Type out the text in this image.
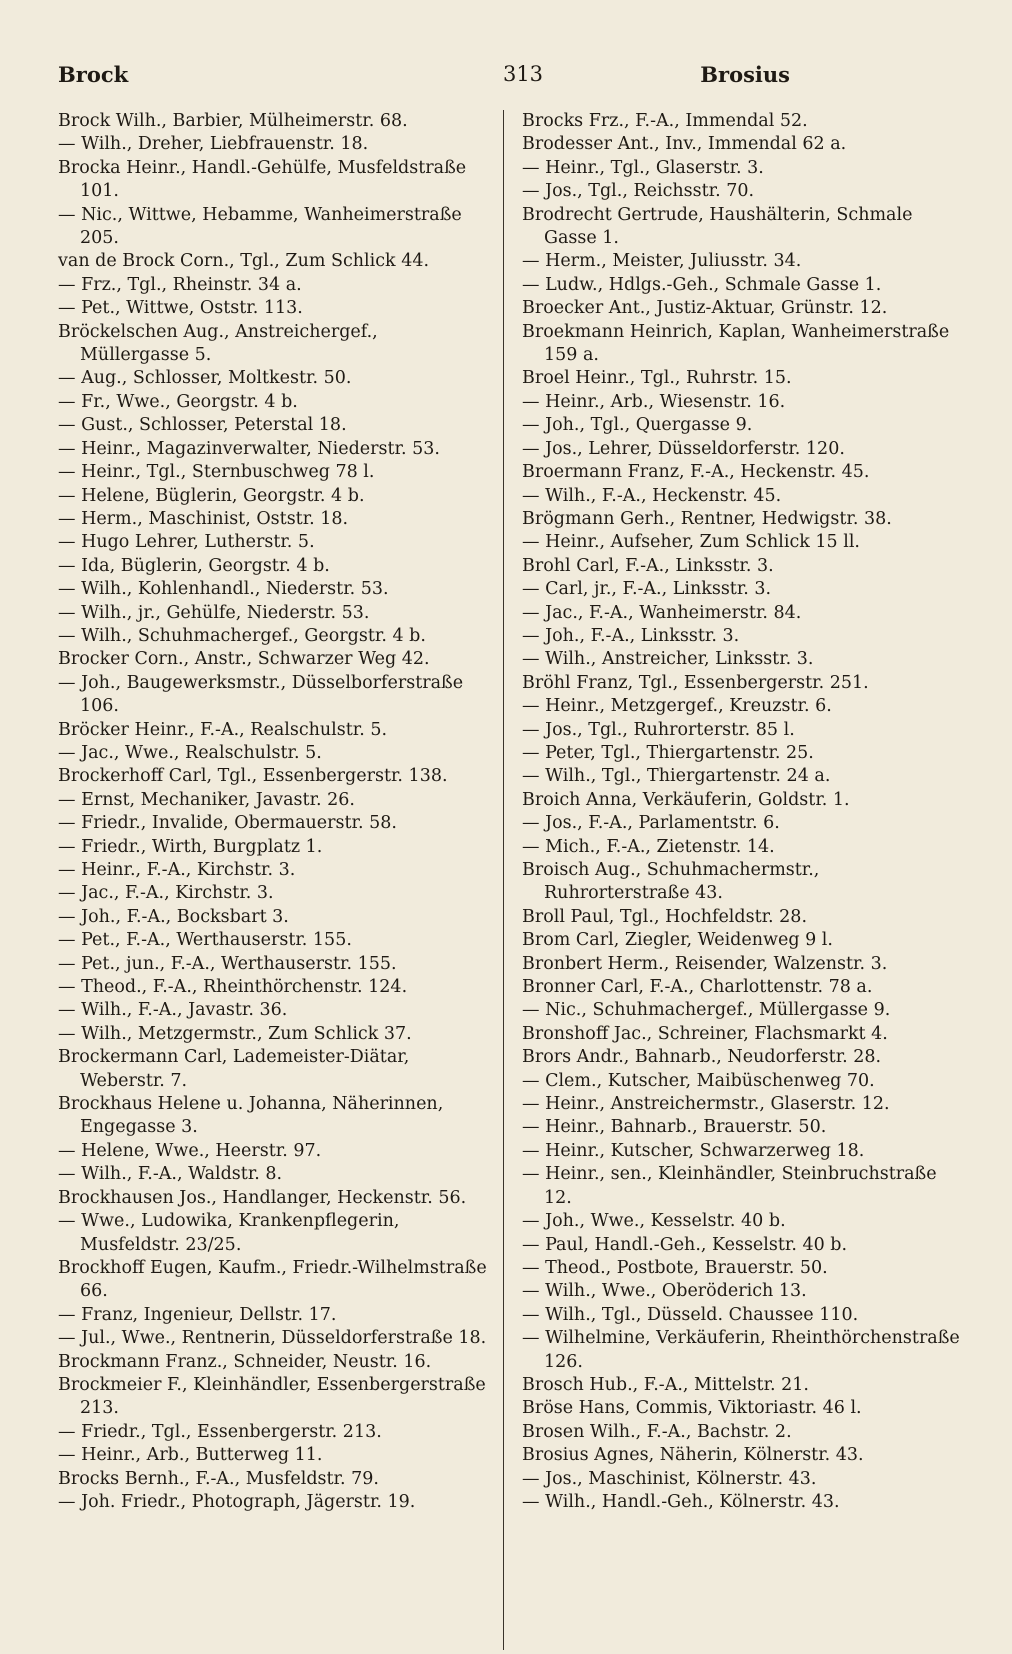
Brock	313	Brosius
Brock Wilh., Barbier, Mülheimerstr. 68.
— Wilh., Dreher, Liebfrauenstr. 18.
Brocka Heinr., Handl.-Gehülfe, Musfeldstraße 101.
— Nic., Wittwe, Hebamme, Wanheimerstraße 205.
van de Brock Corn., Tgl., Zum Schlick 44.
— Frz., Tgl., Rheinstr. 34 a.
— Pet., Wittwe, Oststr. 113.
Bröckelschen Aug., Anstreichergef., Müllergasse 5.
— Aug., Schlosser, Moltkestr. 50.
— Fr., Wwe., Georgstr. 4 b.
— Gust., Schlosser, Peterstal 18.
— Heinr., Magazinverwalter, Niederstr. 53.
— Heinr., Tgl., Sternbuschweg 78 l.
— Helene, Büglerin, Georgstr. 4 b.
— Herm., Maschinist, Oststr. 18.
— Hugo Lehrer, Lutherstr. 5.
— Ida, Büglerin, Georgstr. 4 b.
— Wilh., Kohlenhandl., Niederstr. 53.
— Wilh., jr., Gehülfe, Niederstr. 53.
— Wilh., Schuhmachergef., Georgstr. 4 b.
Brocker Corn., Anstr., Schwarzer Weg 42.
— Joh., Baugewerksmstr., Düsselborferstraße 106.
Bröcker Heinr., F.-A., Realschulstr. 5.
— Jac., Wwe., Realschulstr. 5.
Brockerhoff Carl, Tgl., Essenbergerstr. 138.
— Ernst, Mechaniker, Javastr. 26.
— Friedr., Invalide, Obermauerstr. 58.
— Friedr., Wirth, Burgplatz 1.
— Heinr., F.-A., Kirchstr. 3.
— Jac., F.-A., Kirchstr. 3.
— Joh., F.-A., Bocksbart 3.
— Pet., F.-A., Werthauserstr. 155.
— Pet., jun., F.-A., Werthauserstr. 155.
— Theod., F.-A., Rheinthörchenstr. 124.
— Wilh., F.-A., Javastr. 36.
— Wilh., Metzgermstr., Zum Schlick 37.
Brockermann Carl, Lademeister-Diätar, Weberstr. 7.
Brockhaus Helene u. Johanna, Näherinnen, Engegasse 3.
— Helene, Wwe., Heerstr. 97.
— Wilh., F.-A., Waldstr. 8.
Brockhausen Jos., Handlanger, Heckenstr. 56.
— Wwe., Ludowika, Krankenpflegerin, Musfeldstr. 23/25.
Brockhoff Eugen, Kaufm., Friedr.-Wilhelmstraße 66.
— Franz, Ingenieur, Dellstr. 17.
— Jul., Wwe., Rentnerin, Düsseldorferstraße 18.
Brockmann Franz., Schneider, Neustr. 16.
Brockmeier F., Kleinhändler, Essenbergerstraße 213.
— Friedr., Tgl., Essenbergerstr. 213.
— Heinr., Arb., Butterweg 11.
Brocks Bernh., F.-A., Musfeldstr. 79.
— Joh. Friedr., Photograph, Jägerstr. 19.
Brocks Frz., F.-A., Immendal 52.
Brodesser Ant., Inv., Immendal 62 a.
— Heinr., Tgl., Glaserstr. 3.
— Jos., Tgl., Reichsstr. 70.
Brodrecht Gertrude, Haushälterin, Schmale Gasse 1.
— Herm., Meister, Juliusstr. 34.
— Ludw., Hdlgs.-Geh., Schmale Gasse 1.
Broecker Ant., Justiz-Aktuar, Grünstr. 12.
Broekmann Heinrich, Kaplan, Wanheimerstraße 159 a.
Broel Heinr., Tgl., Ruhrstr. 15.
— Heinr., Arb., Wiesenstr. 16.
— Joh., Tgl., Quergasse 9.
— Jos., Lehrer, Düsseldorferstr. 120.
Broermann Franz, F.-A., Heckenstr. 45.
— Wilh., F.-A., Heckenstr. 45.
Brögmann Gerh., Rentner, Hedwigstr. 38.
— Heinr., Aufseher, Zum Schlick 15 ll.
Brohl Carl, F.-A., Linksstr. 3.
— Carl, jr., F.-A., Linksstr. 3.
— Jac., F.-A., Wanheimerstr. 84.
— Joh., F.-A., Linksstr. 3.
— Wilh., Anstreicher, Linksstr. 3.
Bröhl Franz, Tgl., Essenbergerstr. 251.
— Heinr., Metzgergef., Kreuzstr. 6.
— Jos., Tgl., Ruhrorterstr. 85 l.
— Peter, Tgl., Thiergartenstr. 25.
— Wilh., Tgl., Thiergartenstr. 24 a.
Broich Anna, Verkäuferin, Goldstr. 1.
— Jos., F.-A., Parlamentstr. 6.
— Mich., F.-A., Zietenstr. 14.
Broisch Aug., Schuhmachermstr., Ruhrorterstraße 43.
Broll Paul, Tgl., Hochfeldstr. 28.
Brom Carl, Ziegler, Weidenweg 9 l.
Bronbert Herm., Reisender, Walzenstr. 3.
Bronner Carl, F.-A., Charlottenstr. 78 a.
— Nic., Schuhmachergef., Müllergasse 9.
Bronshoff Jac., Schreiner, Flachsmarkt 4.
Brors Andr., Bahnarb., Neudorferstr. 28.
— Clem., Kutscher, Maibüschenweg 70.
— Heinr., Anstreichermstr., Glaserstr. 12.
— Heinr., Bahnarb., Brauerstr. 50.
— Heinr., Kutscher, Schwarzerweg 18.
— Heinr., sen., Kleinhändler, Steinbruchstraße 12.
— Joh., Wwe., Kesselstr. 40 b.
— Paul, Handl.-Geh., Kesselstr. 40 b.
— Theod., Postbote, Brauerstr. 50.
— Wilh., Wwe., Oberöderich 13.
— Wilh., Tgl., Düsseld. Chaussee 110.
— Wilhelmine, Verkäuferin, Rheinthörchenstraße 126.
Brosch Hub., F.-A., Mittelstr. 21.
Bröse Hans, Commis, Viktoriastr. 46 l.
Brosen Wilh., F.-A., Bachstr. 2.
Brosius Agnes, Näherin, Kölnerstr. 43.
— Jos., Maschinist, Kölnerstr. 43.
— Wilh., Handl.-Geh., Kölnerstr. 43.
